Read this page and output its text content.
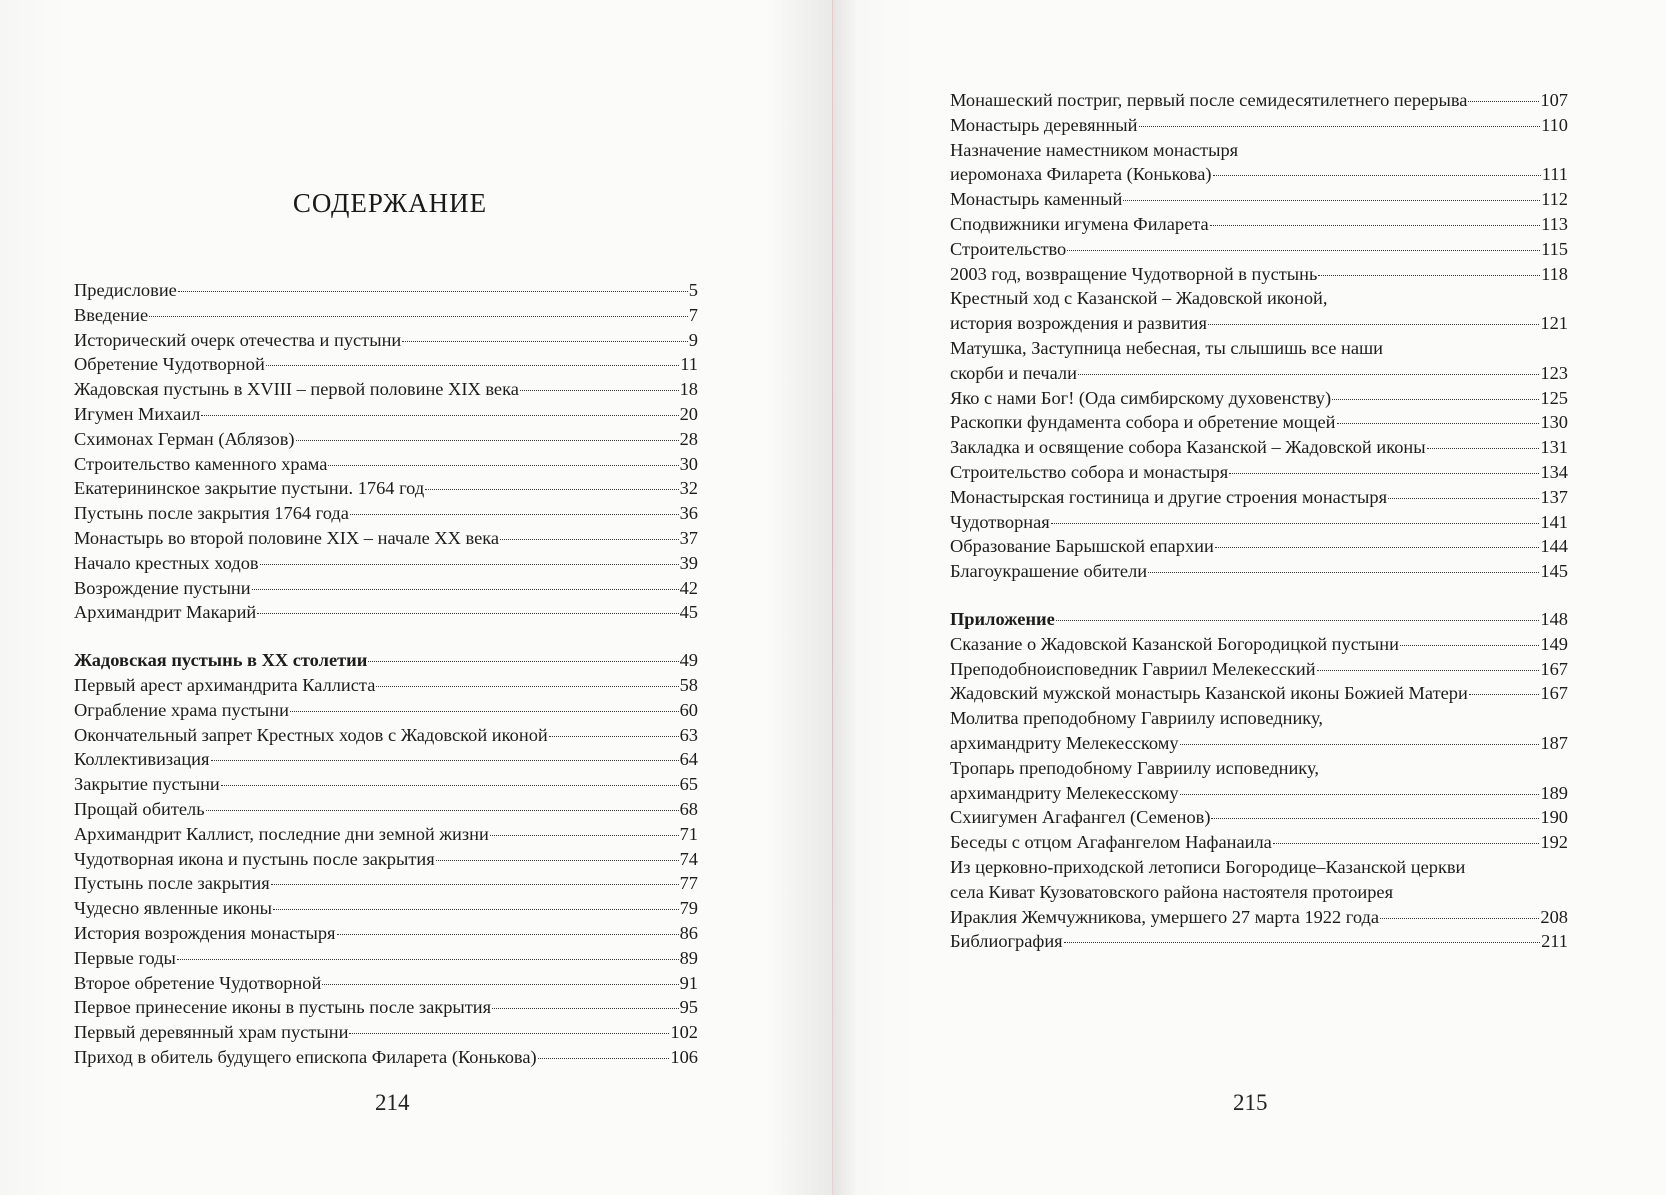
СОДЕРЖАНИЕ
Предисловие	5
Введение	7
Исторический очерк отечества и пустыни	9
Обретение Чудотворной	11
Жадовская пустынь в XVIII – первой половине XIX века	18
Игумен Михаил	20
Схимонах Герман (Аблязов)	28
Строительство каменного храма	30
Екатерининское закрытие пустыни. 1764 год	32
Пустынь после закрытия 1764 года	36
Монастырь во второй половине XIX – начале XX века	37
Начало крестных ходов	39
Возрождение пустыни	42
Архимандрит Макарий	45
Жадовская пустынь в XX столетии	49
Первый арест архимандрита Каллиста	58
Ограбление храма пустыни	60
Окончательный запрет Крестных ходов с Жадовской иконой	63
Коллективизация	64
Закрытие пустыни	65
Прощай обитель	68
Архимандрит Каллист, последние дни земной жизни	71
Чудотворная икона и пустынь после закрытия	74
Пустынь после закрытия	77
Чудесно явленные иконы	79
История возрождения монастыря	86
Первые годы	89
Второе обретение Чудотворной	91
Первое принесение иконы в пустынь после закрытия	95
Первый деревянный храм пустыни	102
Приход в обитель будущего епископа Филарета (Конькова)	106
214
Монашеский постриг, первый после семидесятилетнего перерыва	107
Монастырь деревянный	110
Назначение наместником монастыря
иеромонаха Филарета (Конькова)	111
Монастырь каменный	112
Сподвижники игумена Филарета	113
Строительство	115
2003 год, возвращение Чудотворной в пустынь	118
Крестный ход с Казанской – Жадовской иконой,
история возрождения и развития	121
Матушка, Заступница небесная, ты слышишь все наши
скорби и печали	123
Яко с нами Бог! (Ода симбирскому духовенству)	125
Раскопки фундамента собора и обретение мощей	130
Закладка и освящение собора Казанской – Жадовской иконы	131
Строительство собора и монастыря	134
Монастырская гостиница и другие строения монастыря	137
Чудотворная	141
Образование Барышской епархии	144
Благоукрашение обители	145
Приложение	148
Сказание о Жадовской Казанской Богородицкой пустыни	149
Преподобноисповедник Гавриил Мелекесский	167
Жадовский мужской монастырь Казанской иконы Божией Матери	167
Молитва преподобному Гавриилу исповеднику,
архимандриту Мелекесскому	187
Тропарь преподобному Гавриилу исповеднику,
архимандриту Мелекесскому	189
Схиигумен Агафангел (Семенов)	190
Беседы с отцом Агафангелом Нафанаила	192
Из церковно-приходской летописи Богородице–Казанской церкви
села Киват Кузоватовского района настоятеля протоирея
Ираклия Жемчужникова, умершего 27 марта 1922 года	208
Библиография	211
215
